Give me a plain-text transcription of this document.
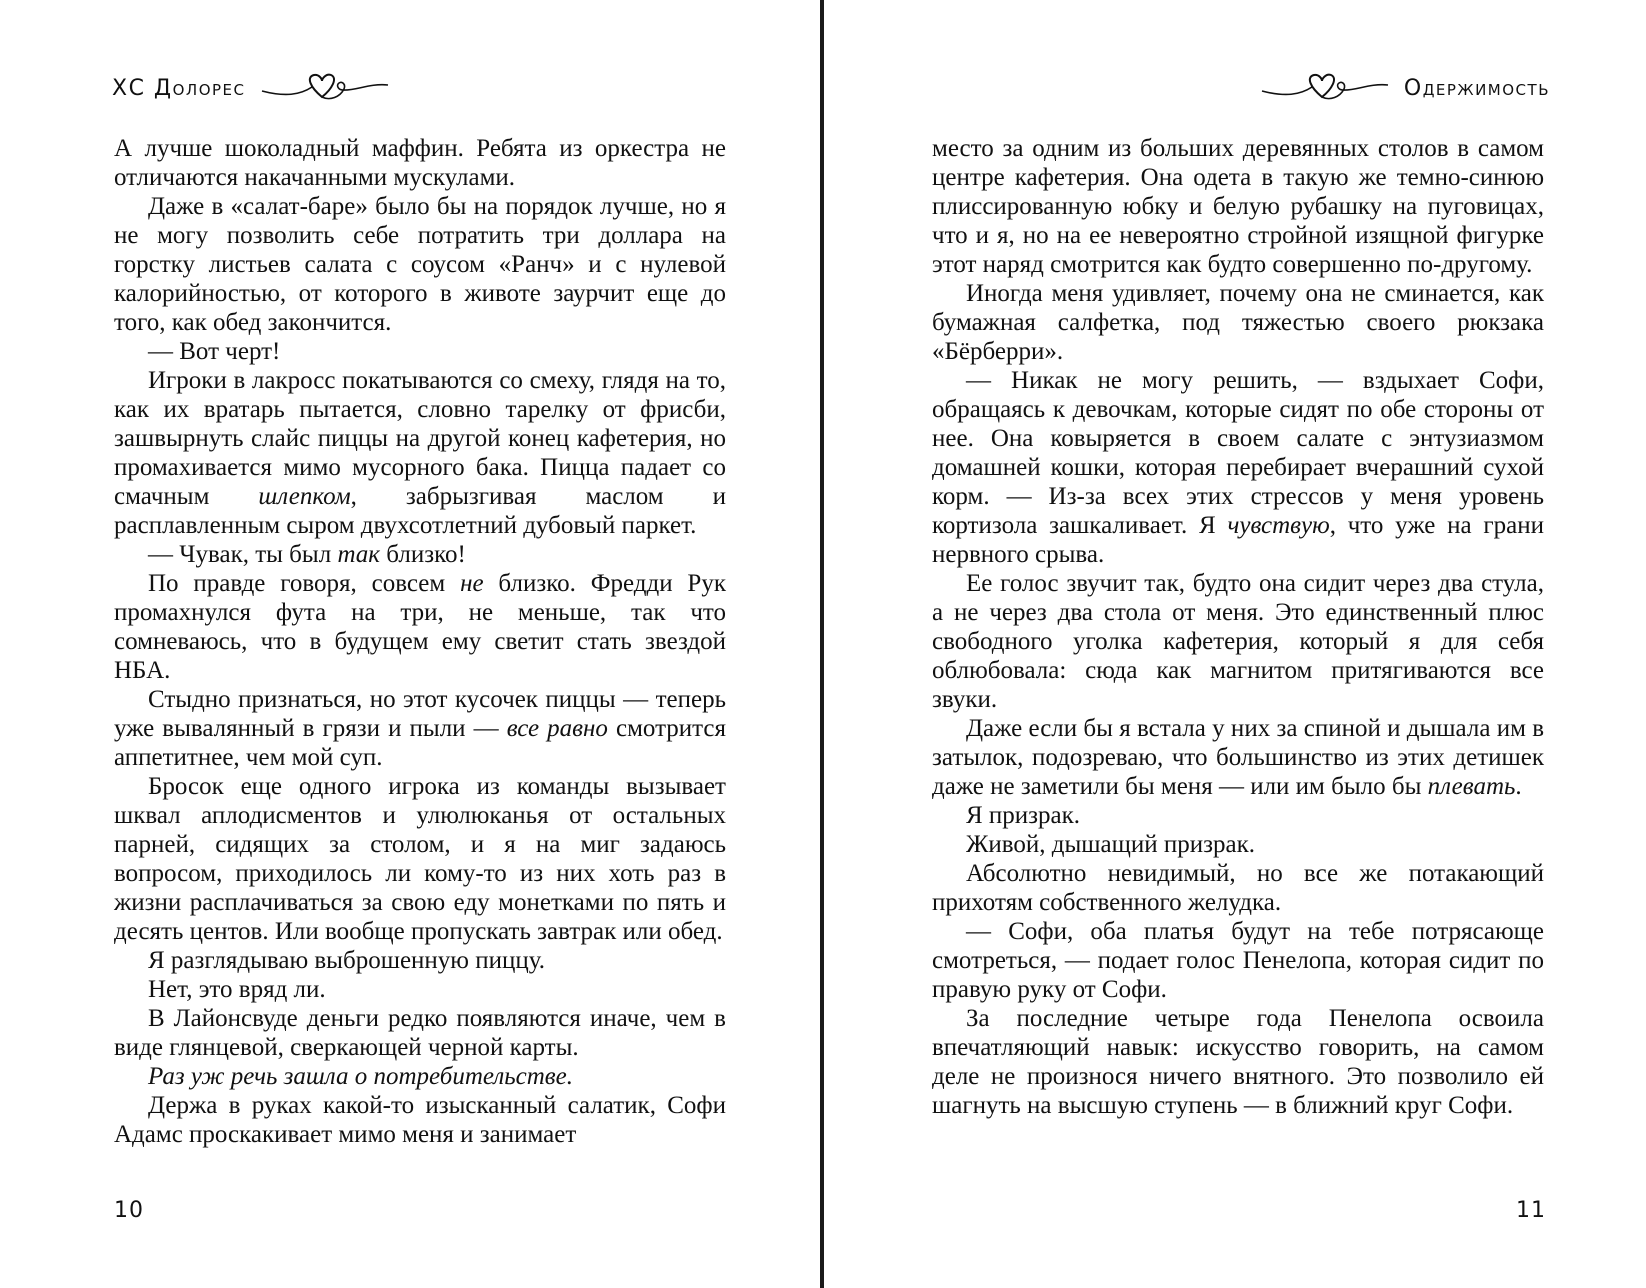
ХС Долорес

А лучше шоколадный маффин. Ребята из оркестра не отличаются накачанными мускулами.

Даже в «салат-баре» было бы на порядок лучше, но я не могу позволить себе потратить три доллара на горстку листьев салата с соусом «Ранч» и с нулевой калорийностью, от которого в животе заурчит еще до того, как обед закончится.

— Вот черт!

Игроки в лакросс покатываются со смеху, глядя на то, как их вратарь пытается, словно тарелку от фрисби, зашвырнуть слайс пиццы на другой конец кафетерия, но промахивается мимо мусорного бака. Пицца падает со смачным шлепком, забрызгивая маслом и расплавленным сыром двухсотлетний дубовый паркет.

— Чувак, ты был так близко!

По правде говоря, совсем не близко. Фредди Рук промахнулся фута на три, не меньше, так что сомневаюсь, что в будущем ему светит стать звездой НБА.

Стыдно признаться, но этот кусочек пиццы — теперь уже вывалянный в грязи и пыли — все равно смотрится аппетитнее, чем мой суп.

Бросок еще одного игрока из команды вызывает шквал аплодисментов и улюлюканья от остальных парней, сидящих за столом, и я на миг задаюсь вопросом, приходилось ли кому-то из них хоть раз в жизни расплачиваться за свою еду монетками по пять и десять центов. Или вообще пропускать завтрак или обед.

Я разглядываю выброшенную пиццу.

Нет, это вряд ли.

В Лайонсвуде деньги редко появляются иначе, чем в виде глянцевой, сверкающей черной карты.

Раз уж речь зашла о потребительстве.

Держа в руках какой-то изысканный салатик, Софи Адамс проскакивает мимо меня и занимает

10
Одержимость

место за одним из больших деревянных столов в самом центре кафетерия. Она одета в такую же темно-синюю плиссированную юбку и белую рубашку на пуговицах, что и я, но на ее невероятно стройной изящной фигурке этот наряд смотрится как будто совершенно по-другому.

Иногда меня удивляет, почему она не сминается, как бумажная салфетка, под тяжестью своего рюкзака «Бёрберри».

— Никак не могу решить, — вздыхает Софи, обращаясь к девочкам, которые сидят по обе стороны от нее. Она ковыряется в своем салате с энтузиазмом домашней кошки, которая перебирает вчерашний сухой корм. — Из-за всех этих стрессов у меня уровень кортизола зашкаливает. Я чувствую, что уже на грани нервного срыва.

Ее голос звучит так, будто она сидит через два стула, а не через два стола от меня. Это единственный плюс свободного уголка кафетерия, который я для себя облюбовала: сюда как магнитом притягиваются все звуки.

Даже если бы я встала у них за спиной и дышала им в затылок, подозреваю, что большинство из этих детишек даже не заметили бы меня — или им было бы плевать.

Я призрак.

Живой, дышащий призрак.

Абсолютно невидимый, но все же потакающий прихотям собственного желудка.

— Софи, оба платья будут на тебе потрясающе смотреться, — подает голос Пенелопа, которая сидит по правую руку от Софи.

За последние четыре года Пенелопа освоила впечатляющий навык: искусство говорить, на самом деле не произнося ничего внятного. Это позволило ей шагнуть на высшую ступень — в ближний круг Софи.

11
